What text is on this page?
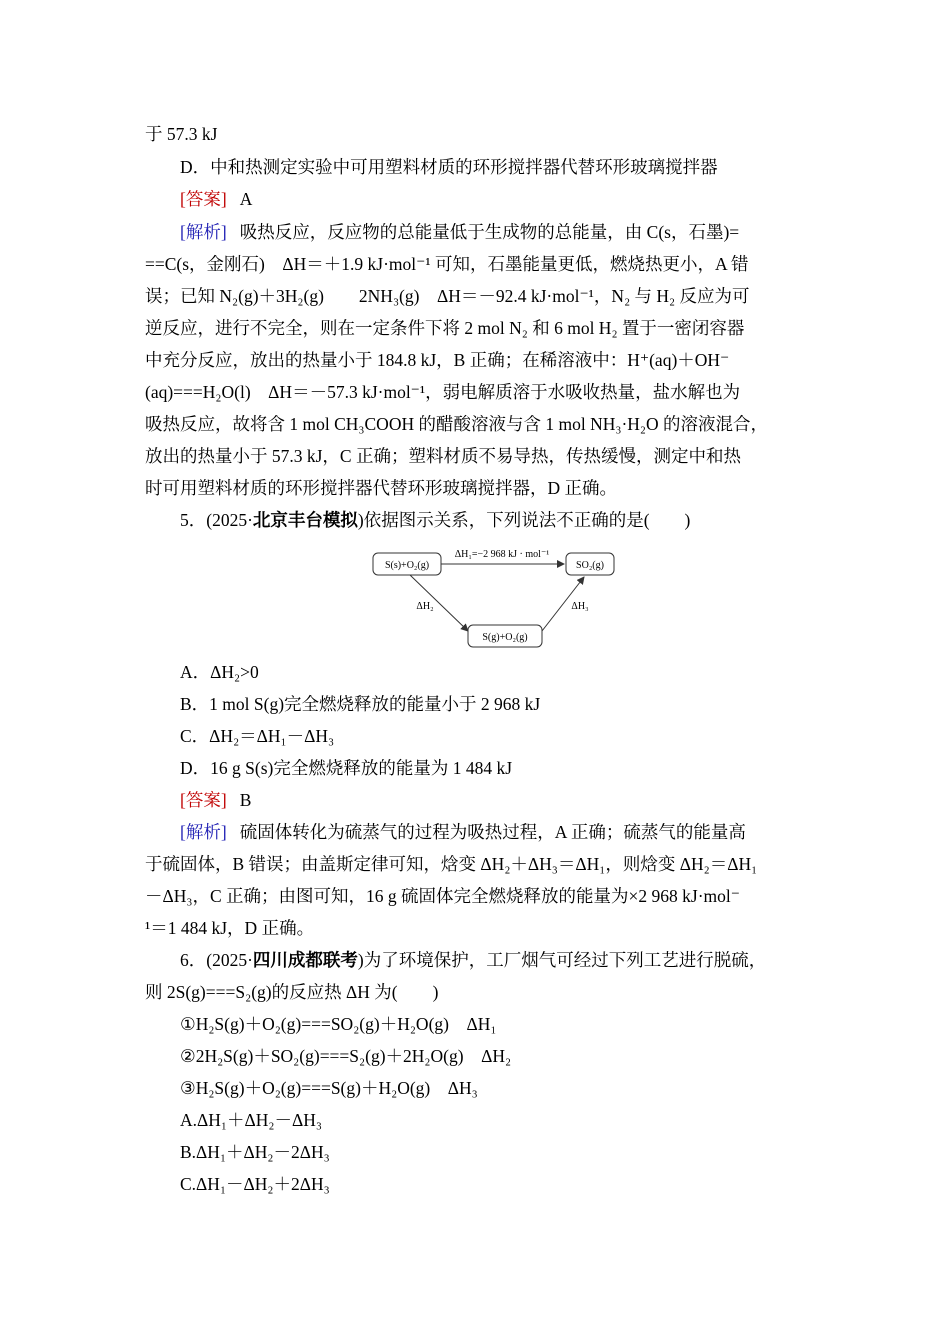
于 57.3 kJ
D．中和热测定实验中可用塑料材质的环形搅拌器代替环形玻璃搅拌器
[答案] A
[解析] 吸热反应，反应物的总能量低于生成物的总能量，由 C(s，石墨)=
==C(s，金刚石)　ΔH＝＋1.9 kJ·mol⁻¹ 可知，石墨能量更低，燃烧热更小，A 错
误；已知 N₂(g)＋3H₂(g)　　2NH₃(g)　ΔH＝－92.4 kJ·mol⁻¹，N₂ 与 H₂ 反应为可
逆反应，进行不完全，则在一定条件下将 2 mol N₂ 和 6 mol H₂ 置于一密闭容器
中充分反应，放出的热量小于 184.8 kJ，B 正确；在稀溶液中：H⁺(aq)＋OH⁻
(aq)===H₂O(l)　ΔH＝－57.3 kJ·mol⁻¹，弱电解质溶于水吸收热量，盐水解也为
吸热反应，故将含 1 mol CH₃COOH 的醋酸溶液与含 1 mol NH₃·H₂O 的溶液混合，
放出的热量小于 57.3 kJ，C 正确；塑料材质不易导热，传热缓慢，测定中和热
时可用塑料材质的环形搅拌器代替环形玻璃搅拌器，D 正确。
5．(2025·北京丰台模拟)依据图示关系，下列说法不正确的是(　　)
S(s)+O₂(g)	SO₂(g)
S(g)+O₂(g)
ΔH₁=−2 968 kJ · mol⁻¹
ΔH₂	ΔH₃
A．ΔH₂>0
B．1 mol S(g)完全燃烧释放的能量小于 2 968 kJ
C．ΔH₂＝ΔH₁－ΔH₃
D．16 g S(s)完全燃烧释放的能量为 1 484 kJ
[答案] B
[解析] 硫固体转化为硫蒸气的过程为吸热过程，A 正确；硫蒸气的能量高
于硫固体，B 错误；由盖斯定律可知，焓变 ΔH₂＋ΔH₃＝ΔH₁，则焓变 ΔH₂＝ΔH₁
－ΔH₃，C 正确；由图可知，16 g 硫固体完全燃烧释放的能量为×2 968 kJ·mol⁻
¹＝1 484 kJ，D 正确。
6．(2025·四川成都联考)为了环境保护，工厂烟气可经过下列工艺进行脱硫，
则 2S(g)===S₂(g)的反应热 ΔH 为(　　)
①H₂S(g)＋O₂(g)===SO₂(g)＋H₂O(g)　ΔH₁
②2H₂S(g)＋SO₂(g)===S₂(g)＋2H₂O(g)　ΔH₂
③H₂S(g)＋O₂(g)===S(g)＋H₂O(g)　ΔH₃
A.ΔH₁＋ΔH₂－ΔH₃
B.ΔH₁＋ΔH₂－2ΔH₃
C.ΔH₁－ΔH₂＋2ΔH₃
